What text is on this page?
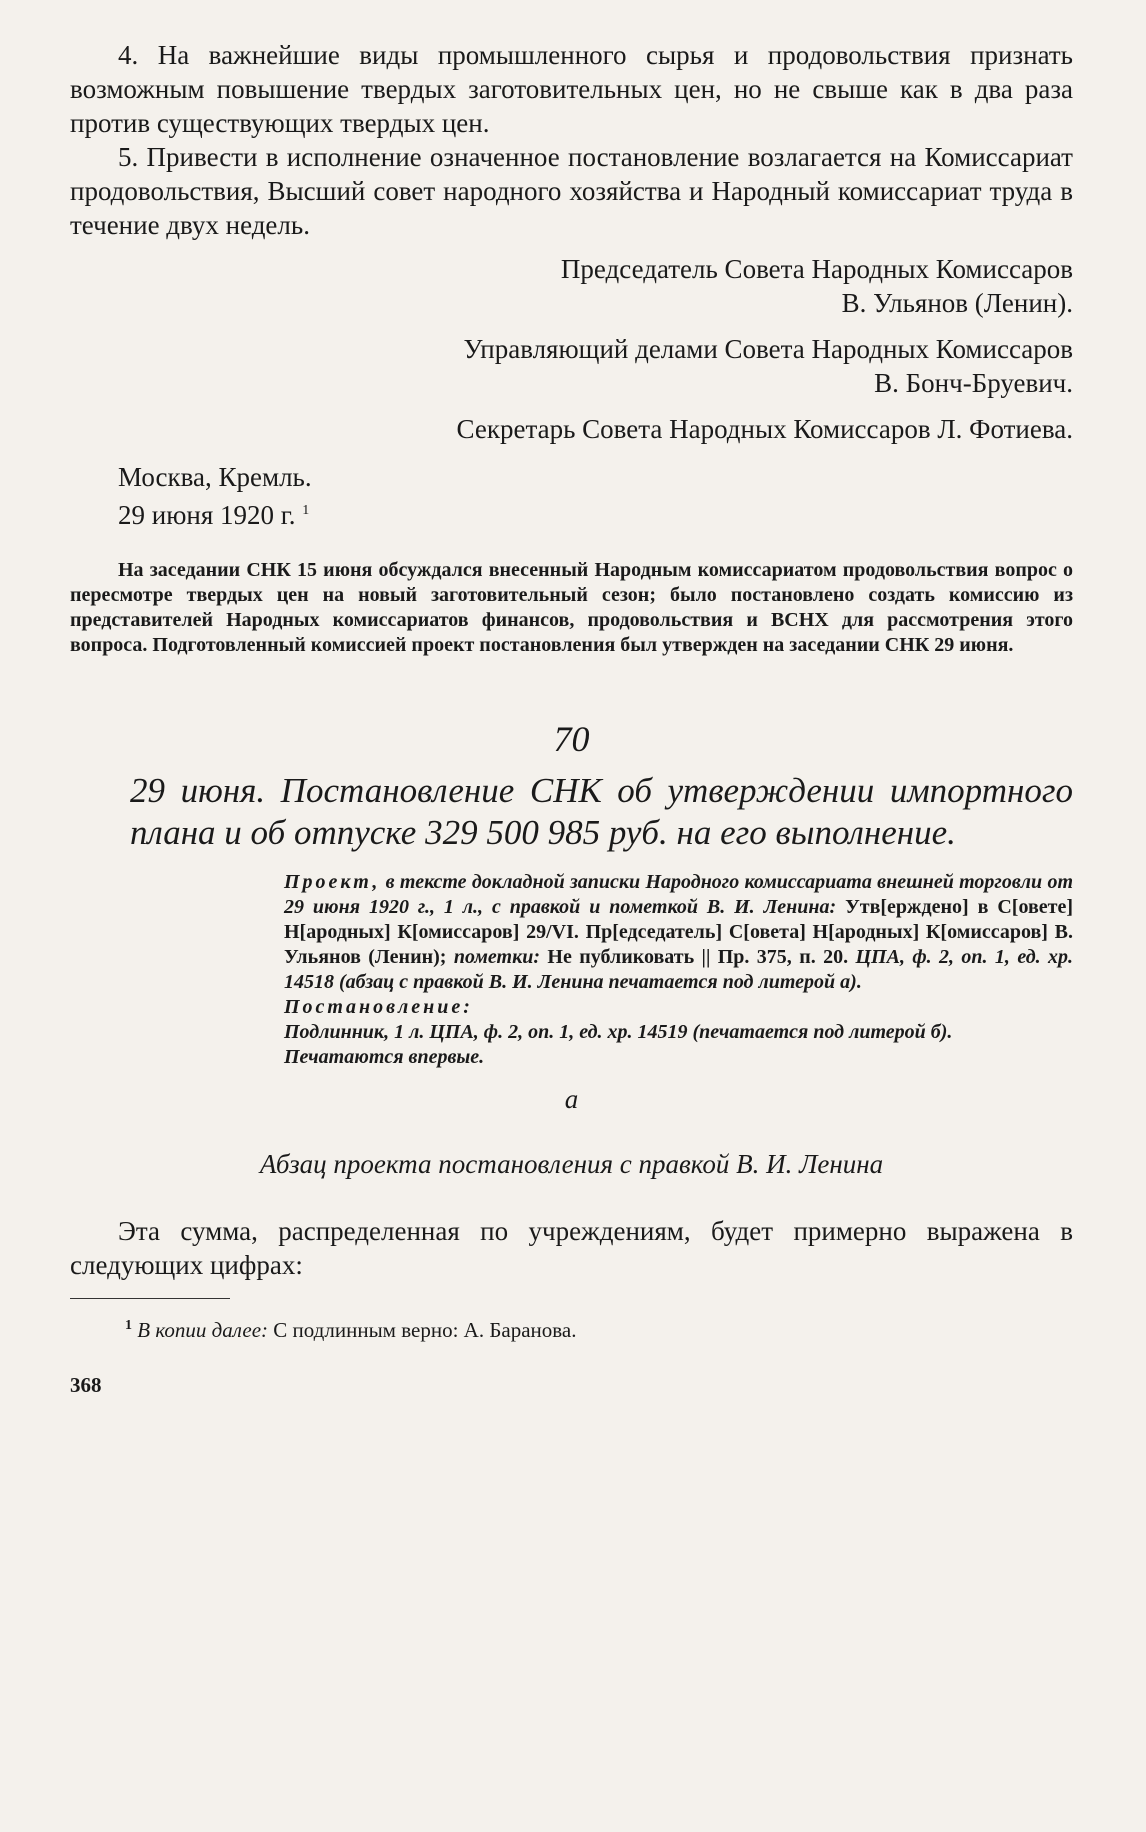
4. На важнейшие виды промышленного сырья и продовольствия признать возможным повышение твердых заготовительных цен, но не свыше как в два раза против существующих твердых цен.

5. Привести в исполнение означенное постановление возлагается на Комиссариат продовольствия, Высший совет народного хозяйства и Народный комиссариат труда в течение двух недель.

Председатель Совета Народных Комиссаров

В. Ульянов (Ленин).

Управляющий делами Совета Народных Комиссаров

В. Бонч-Бруевич.

Секретарь Совета Народных Комиссаров Л. Фотиева.

Москва, Кремль.

29 июня 1920 г. $^1$

На заседании СНК 15 июня обсуждался внесенный Народным комиссариатом продовольствия вопрос о пересмотре твердых цен на новый заготовительный сезон; было постановлено создать комиссию из представителей Народных комиссариатов финансов, продовольствия и ВСНХ для рассмотрения этого вопроса. Подготовленный комиссией проект постановления был утвержден на заседании СНК 29 июня.

70

29 июня. Постановление СНК об утверждении импортного плана и об отпуске 329 500 985 руб. на его выполнение.

Проект, в тексте докладной записки Народного комиссариата внешней торговли от 29 июня 1920 г., 1 л., с правкой и пометкой В. И. Ленина: Утв[ерждено] в С[овете] Н[ародных] К[омиссаров] 29/VI. Пр[едседатель] С[овета] Н[ародных] К[омиссаров] В. Ульянов (Ленин); пометки: Не публиковать || Пр. 375, п. 20. ЦПА, ф. 2, оп. 1, ед. хр. 14518 (абзац с правкой В. И. Ленина печатается под литерой а).

Постановление:

Подлинник, 1 л. ЦПА, ф. 2, оп. 1, ед. хр. 14519 (печатается под литерой б).

Печатаются впервые.

а
Абзац проекта постановления с правкой В. И. Ленина

Эта сумма, распределенная по учреждениям, будет примерно выражена в следующих цифрах:

$^1$ В копии далее: С подлинным верно: А. Баранова.

368
